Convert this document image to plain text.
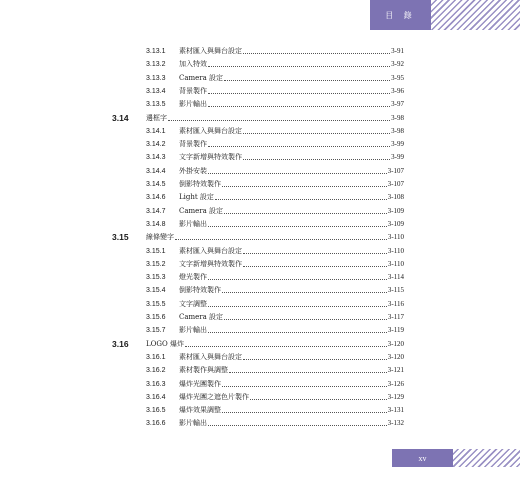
目 錄
3.13.1	素材匯入與舞台設定	3-91
3.13.2	加入特效	3-92
3.13.3	Camera 設定	3-95
3.13.4	背景製作	3-96
3.13.5	影片輸出	3-97
3.14	邊框字	3-98
3.14.1	素材匯入與舞台設定	3-98
3.14.2	背景製作	3-99
3.14.3	文字新增與特效製作	3-99
3.14.4	外掛安裝	3-107
3.14.5	倒影特效製作	3-107
3.14.6	Light 設定	3-108
3.14.7	Camera 設定	3-109
3.14.8	影片輸出	3-109
3.15	線條變字	3-110
3.15.1	素材匯入與舞台設定	3-110
3.15.2	文字新增與特效製作	3-110
3.15.3	燈光製作	3-114
3.15.4	倒影特效製作	3-115
3.15.5	文字調整	3-116
3.15.6	Camera 設定	3-117
3.15.7	影片輸出	3-119
3.16	LOGO 爆炸	3-120
3.16.1	素材匯入與舞台設定	3-120
3.16.2	素材製作與調整	3-121
3.16.3	爆炸光團製作	3-126
3.16.4	爆炸光團之遮色片製作	3-129
3.16.5	爆炸效果調整	3-131
3.16.6	影片輸出	3-132
xv
